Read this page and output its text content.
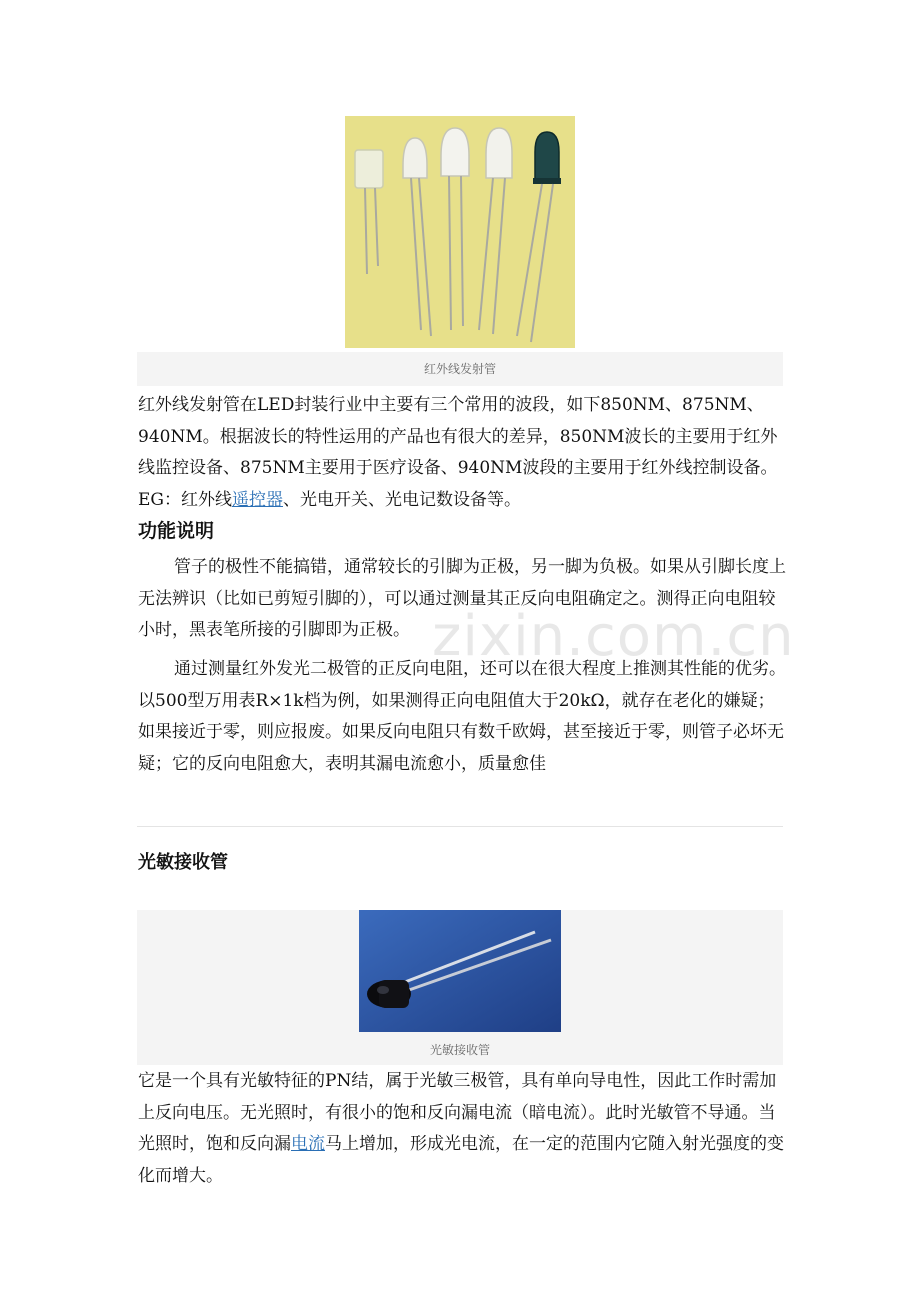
红外线发射管

红外线发射管在LED封装行业中主要有三个常用的波段，如下850NM、875NM、940NM。根据波长的特性运用的产品也有很大的差异，850NM波长的主要用于红外线监控设备、875NM主要用于医疗设备、940NM波段的主要用于红外线控制设备。EG：红外线遥控器、光电开关、光电记数设备等。

功能说明

管子的极性不能搞错，通常较长的引脚为正极，另一脚为负极。如果从引脚长度上无法辨识（比如已剪短引脚的），可以通过测量其正反向电阻确定之。测得正向电阻较小时，黑表笔所接的引脚即为正极。

通过测量红外发光二极管的正反向电阻，还可以在很大程度上推测其性能的优劣。以500型万用表R×1k档为例，如果测得正向电阻值大于20kΩ，就存在老化的嫌疑；如果接近于零，则应报废。如果反向电阻只有数千欧姆，甚至接近于零，则管子必坏无疑；它的反向电阻愈大，表明其漏电流愈小，质量愈佳

zixin.com.cn
光敏接收管
光敏接收管

它是一个具有光敏特征的PN结，属于光敏三极管，具有单向导电性，因此工作时需加上反向电压。无光照时，有很小的饱和反向漏电流（暗电流）。此时光敏管不导通。当光照时，饱和反向漏电流马上增加，形成光电流，在一定的范围内它随入射光强度的变化而增大。
